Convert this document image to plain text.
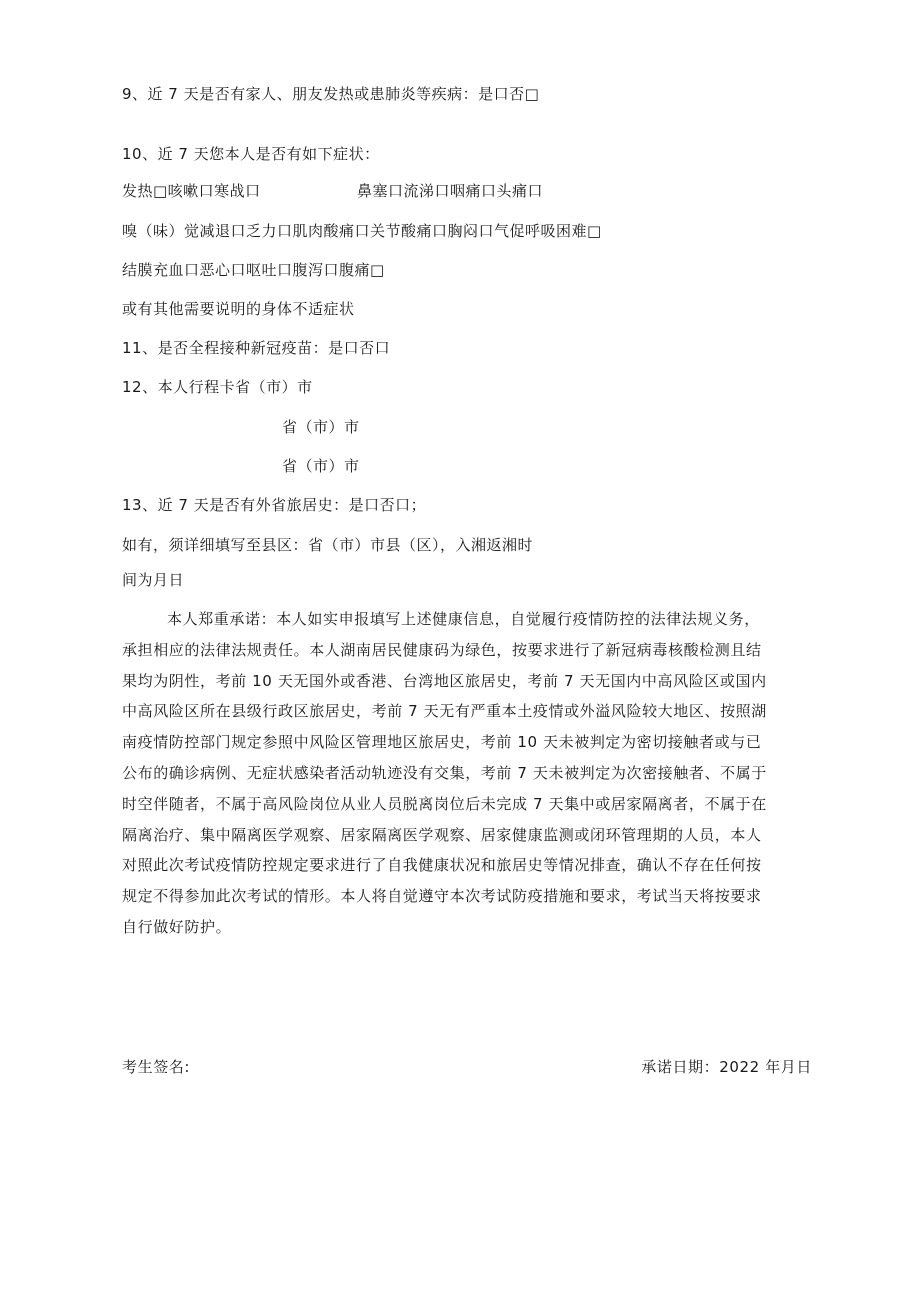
9、近 7 天是否有家人、朋友发热或患肺炎等疾病：是口否□
10、近 7 天您本人是否有如下症状：
发热□咳嗽口寒战口	鼻塞口流涕口咽痛口头痛口
嗅（味）觉减退口乏力口肌肉酸痛口关节酸痛口胸闷口气促呼吸困难□
结膜充血口恶心口呕吐口腹泻口腹痛□
或有其他需要说明的身体不适症状
11、是否全程接种新冠疫苗：是口否口
12、本人行程卡省（市）市
省（市）市
省（市）市
13、近 7 天是否有外省旅居史：是口否口；
如有，须详细填写至县区：省（市）市县（区），入湘返湘时
间为月日
本人郑重承诺：本人如实申报填写上述健康信息，自觉履行疫情防控的法律法规义务，
承担相应的法律法规责任。本人湖南居民健康码为绿色，按要求进行了新冠病毒核酸检测且结
果均为阴性，考前 10 天无国外或香港、台湾地区旅居史，考前 7 天无国内中高风险区或国内
中高风险区所在县级行政区旅居史，考前 7 天无有严重本土疫情或外溢风险较大地区、按照湖
南疫情防控部门规定参照中风险区管理地区旅居史，考前 10 天未被判定为密切接触者或与已
公布的确诊病例、无症状感染者活动轨迹没有交集，考前 7 天未被判定为次密接触者、不属于
时空伴随者，不属于高风险岗位从业人员脱离岗位后未完成 7 天集中或居家隔离者，不属于在
隔离治疗、集中隔离医学观察、居家隔离医学观察、居家健康监测或闭环管理期的人员，本人
对照此次考试疫情防控规定要求进行了自我健康状况和旅居史等情况排查，确认不存在任何按
规定不得参加此次考试的情形。本人将自觉遵守本次考试防疫措施和要求，考试当天将按要求
自行做好防护。
考生签名:	承诺日期：2022 年月日
